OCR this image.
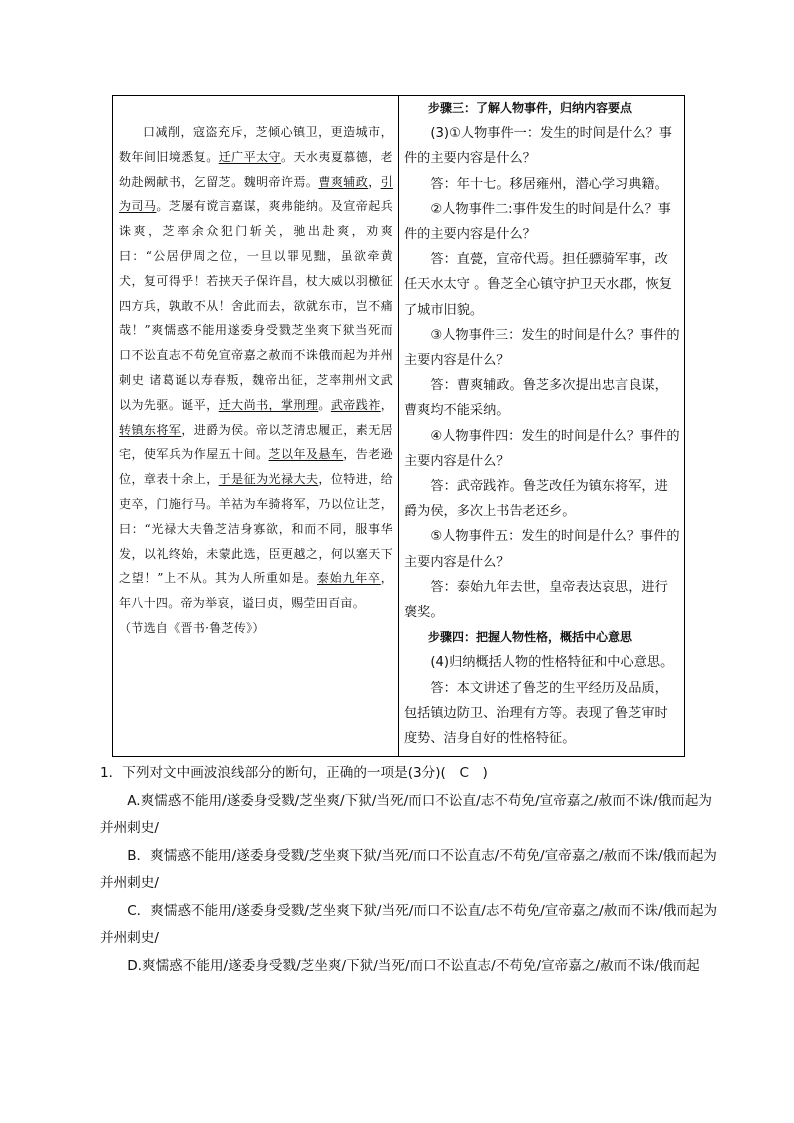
口减削，寇盗充斥，芝倾心镇卫，更造城市，数年间旧境悉复。迁广平太守。天水夷夏慕德，老幼赴阙献书，乞留芝。魏明帝许焉。曹爽辅政，引为司马。芝屡有谠言嘉谋，爽弗能纳。及宣帝起兵诛爽，芝率余众犯门斩关，驰出赴爽，劝爽曰：“公居伊周之位，一旦以罪见黜，虽欲牵黄犬，复可得乎！若挟天子保许昌，杖大威以羽檄征四方兵，孰敢不从！舍此而去，欲就东市，岂不痛哉！”爽懦惑不能用遂委身受戮芝坐爽下狱当死而口不讼直志不苟免宣帝嘉之赦而不诛俄而起为并州刺史 诸葛诞以寿春叛，魏帝出征，芝率荆州文武以为先驱。诞平，迁大尚书，掌刑理。武帝践祚，转镇东将军，进爵为侯。帝以芝清忠履正，素无居宅，使军兵为作屋五十间。芝以年及悬车，告老逊位，章表十余上，于是征为光禄大夫，位特进，给吏卒，门施行马。羊祜为车骑将军，乃以位让芝，曰：“光禄大夫鲁芝洁身寡欲，和而不同，服事华发，以礼终始，未蒙此选，臣更越之，何以塞天下之望！”上不从。其为人所重如是。泰始九年卒，年八十四。帝为举哀，谥曰贞，赐茔田百亩。

（节选自《晋书·鲁芝传》）

步骤三：了解人物事件，归纳内容要点

(3)①人物事件一：发生的时间是什么？事件的主要内容是什么？

答：年十七。移居雍州，潜心学习典籍。

②人物事件二:事件发生的时间是什么？事件的主要内容是什么？

答：直甍，宣帝代焉。担任骠骑军事，改任天水太守 。鲁芝全心镇守护卫天水郡，恢复了城市旧貌。

③人物事件三：发生的时间是什么？事件的主要内容是什么？

答：曹爽辅政。鲁芝多次提出忠言良谋，曹爽均不能采纳。

④人物事件四：发生的时间是什么？事件的主要内容是什么？

答：武帝践祚。鲁芝改任为镇东将军，进爵为侯，多次上书告老还乡。

⑤人物事件五：发生的时间是什么？事件的主要内容是什么？

答：泰始九年去世，皇帝表达哀思，进行褒奖。

步骤四：把握人物性格，概括中心意思

(4)归纳概括人物的性格特征和中心意思。

答：本文讲述了鲁芝的生平经历及品质，包括镇边防卫、治理有方等。表现了鲁芝审时度势、洁身自好的性格特征。

1．下列对文中画波浪线部分的断句，正确的一项是(3分)(　C　)

A.爽懦惑不能用/遂委身受戮/芝坐爽/下狱/当死/而口不讼直/志不苟免/宣帝嘉之/赦而不诛/俄而起为并州刺史/

B．爽懦惑不能用/遂委身受戮/芝坐爽下狱/当死/而口不讼直志/不苟免/宣帝嘉之/赦而不诛/俄而起为并州刺史/

C．爽懦惑不能用/遂委身受戮/芝坐爽下狱/当死/而口不讼直/志不苟免/宣帝嘉之/赦而不诛/俄而起为并州刺史/

D.爽懦惑不能用/遂委身受戮/芝坐爽/下狱/当死/而口不讼直志/不苟免/宣帝嘉之/赦而不诛/俄而起
